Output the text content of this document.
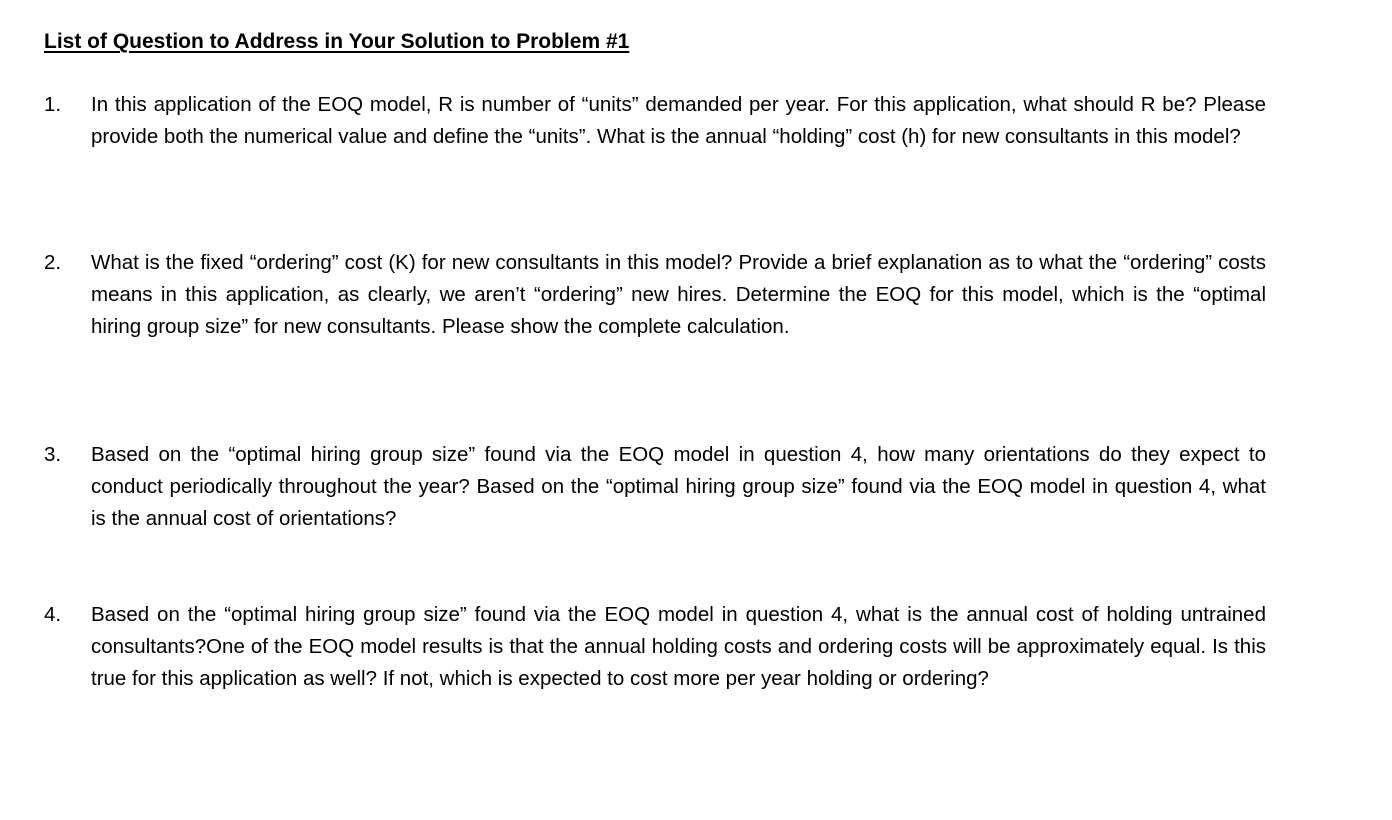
List of Question to Address in Your Solution to Problem #1
1.	In this application of the EOQ model, R is number of “units” demanded per year. For this application, what should R be? Please provide both the numerical value and define the “units”. What is the annual “holding” cost (h) for new consultants in this model?

2.	What is the fixed “ordering” cost (K) for new consultants in this model? Provide a brief explanation as to what the “ordering” costs means in this application, as clearly, we aren’t “ordering” new hires. Determine the EOQ for this model, which is the “optimal hiring group size” for new consultants. Please show the complete calculation.

3.	Based on the “optimal hiring group size” found via the EOQ model in question 4, how many orientations do they expect to conduct periodically throughout the year? Based on the “optimal hiring group size” found via the EOQ model in question 4, what is the annual cost of orientations?

4.	Based on the “optimal hiring group size” found via the EOQ model in question 4, what is the annual cost of holding untrained consultants?One of the EOQ model results is that the annual holding costs and ordering costs will be approximately equal. Is this true for this application as well? If not, which is expected to cost more per year holding or ordering?
